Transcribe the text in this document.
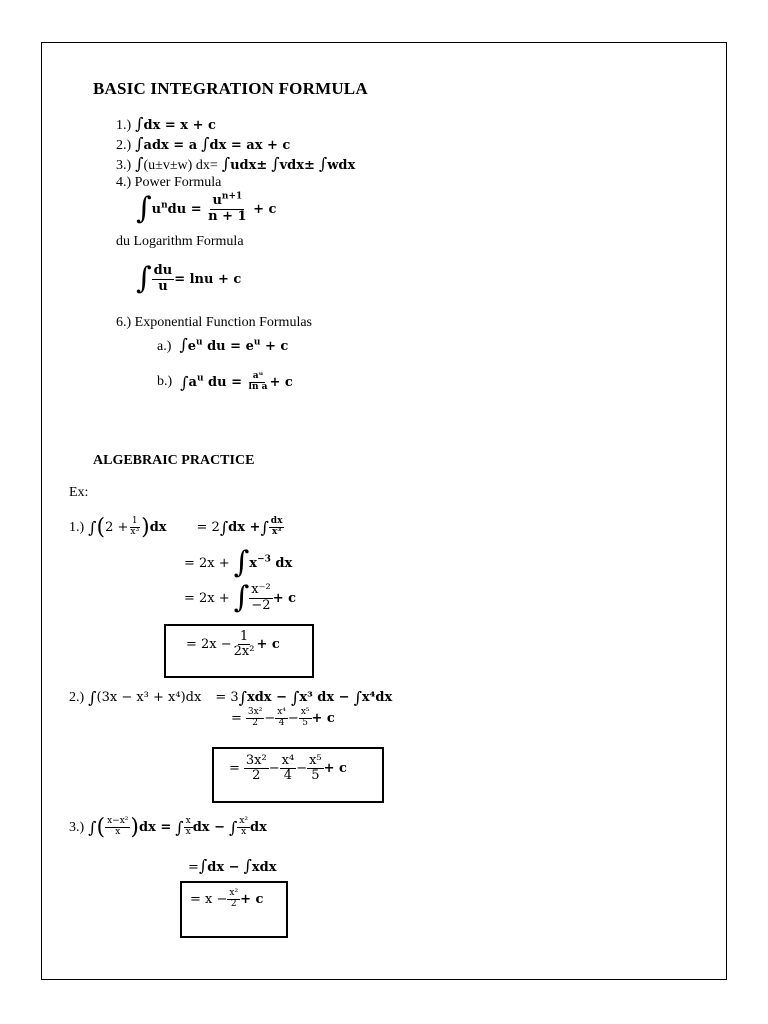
BASIC INTEGRATION FORMULA
1.) ∫dx = x + c
2.) ∫adx = a ∫dx = ax + c
3.) ∫(u±v±w) dx= ∫udx± ∫vdx± ∫wdx
4.) Power Formula
∫ $u^ndu = \frac{u^{n+1}}{n + 1} + c$
du Logarithm Formula
∫ $\frac{du}{u} = \ln u + c$
6.) Exponential Function Formulas
a.) $\int e^u$ du = $e^u + c$
b.)
∫ $a^u$ du = $\frac{\text{aᵘ}}{\text{ln a}} + c$
ALGEBRAIC PRACTICE
Ex:
1.)
∫ ( $2 + \frac{1}{\text{x³}}$ ) dx = 2 ∫ dx + ∫ $\frac{dx}{\text{x³}}$
= 2x +
∫ $x^{-3}$ dx
= 2x +
∫ $\frac{\text{x⁻²}}{-2} + c$
= $2x - \frac{1}{\text{2x²}} + c$
2.)
∫ (3x − x³ + x⁴)dx = 3 ∫ xdx −
∫ x³ dx −
∫ x⁴dx
=
$\frac{\text{3x²}}{2} - \frac{\text{x⁴}}{4} - \frac{\text{x⁵}}{5} + c$
=
$\frac{\text{3x²}}{2} - \frac{\text{x⁴}}{4} - \frac{\text{x⁵}}{5} + c$
3.)
∫ ( $\frac{\text{x−x²}}{x}$ ) dx =
∫ $\frac{x}{x}$ dx −
∫ $\frac{\text{x²}}{x}$ dx
=∫dx − ∫xdx
= $x - \frac{\text{x²}}{2} + c$
